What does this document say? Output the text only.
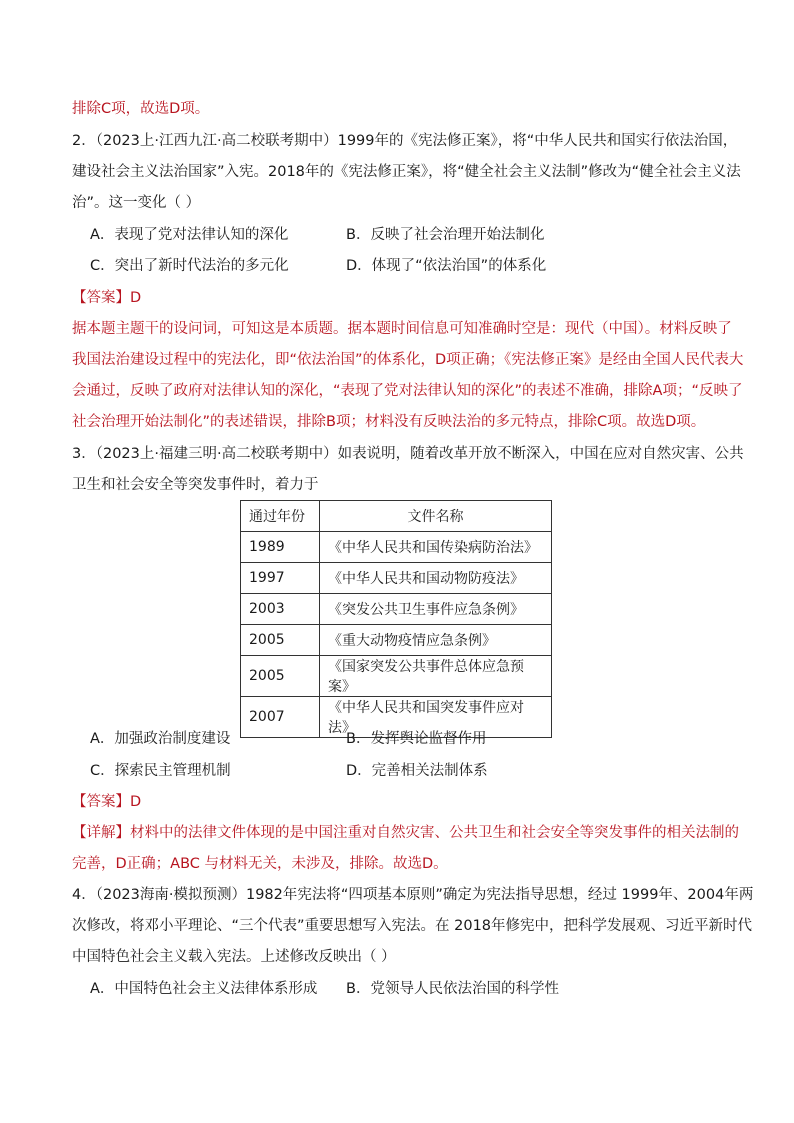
排除C项，故选D项。
2．（2023上·江西九江·高二校联考期中）1999年的《宪法修正案》，将“中华人民共和国实行依法治国，
建设社会主义法治国家”入宪。2018年的《宪法修正案》，将“健全社会主义法制”修改为“健全社会主义法
治”。这一变化（ ）
A．表现了党对法律认知的深化	B．反映了社会治理开始法制化
C．突出了新时代法治的多元化	D．体现了“依法治国”的体系化
【答案】D
据本题主题干的设问词，可知这是本质题。据本题时间信息可知准确时空是：现代（中国）。材料反映了
我国法治建设过程中的宪法化，即“依法治国”的体系化，D项正确；《宪法修正案》是经由全国人民代表大
会通过，反映了政府对法律认知的深化，“表现了党对法律认知的深化”的表述不准确，排除A项；“反映了
社会治理开始法制化”的表述错误，排除B项；材料没有反映法治的多元特点，排除C项。故选D项。
3．（2023上·福建三明·高二校联考期中）如表说明，随着改革开放不断深入，中国在应对自然灾害、公共
卫生和社会安全等突发事件时，着力于
通过年份	文件名称
1989	《中华人民共和国传染病防治法》
1997	《中华人民共和国动物防疫法》
2003	《突发公共卫生事件应急条例》
2005	《重大动物疫情应急条例》
2005	《国家突发公共事件总体应急预案》
2007	《中华人民共和国突发事件应对法》
A．加强政治制度建设	B．发挥舆论监督作用
C．探索民主管理机制	D．完善相关法制体系
【答案】D
【详解】材料中的法律文件体现的是中国注重对自然灾害、公共卫生和社会安全等突发事件的相关法制的
完善，D正确；ABC 与材料无关，未涉及，排除。故选D。
4．（2023海南·模拟预测）1982年宪法将“四项基本原则”确定为宪法指导思想，经过 1999年、2004年两
次修改，将邓小平理论、“三个代表”重要思想写入宪法。在 2018年修宪中，把科学发展观、习近平新时代
中国特色社会主义载入宪法。上述修改反映出（ ）
A．中国特色社会主义法律体系形成 B．党领导人民依法治国的科学性
